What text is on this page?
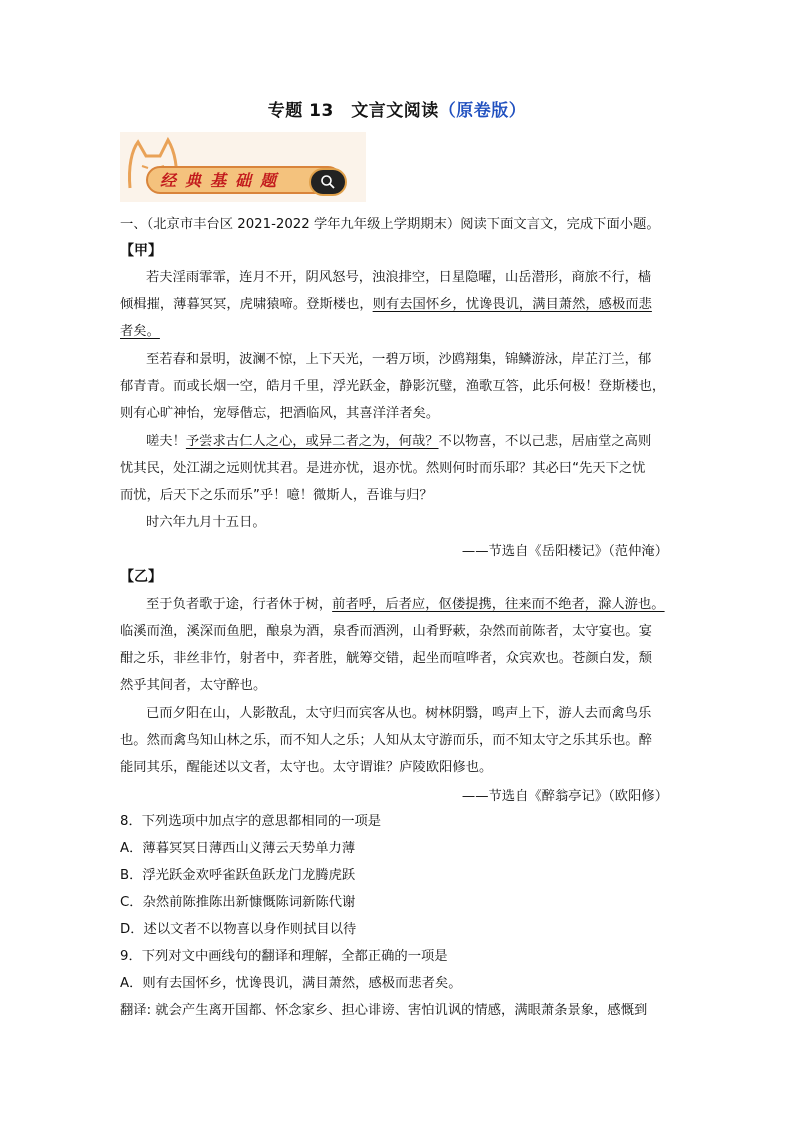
专题 13　文言文阅读（原卷版）
经典基础题
一、（北京市丰台区 2021-2022 学年九年级上学期期末）阅读下面文言文，完成下面小题。
【甲】
若夫淫雨霏霏，连月不开，阴风怒号，浊浪排空，日星隐曜，山岳潜形，商旅不行，樯
倾楫摧，薄暮冥冥，虎啸猿啼。登斯楼也，则有去国怀乡，忧谗畏讥，满目萧然，感极而悲
者矣。
至若春和景明，波澜不惊，上下天光，一碧万顷，沙鸥翔集，锦鳞游泳，岸芷汀兰，郁
郁青青。而或长烟一空，皓月千里，浮光跃金，静影沉璧，渔歌互答，此乐何极！登斯楼也，
则有心旷神怡，宠辱偕忘，把酒临风，其喜洋洋者矣。
嗟夫！予尝求古仁人之心，或异二者之为，何哉？不以物喜，不以己悲，居庙堂之高则
忧其民，处江湖之远则忧其君。是进亦忧，退亦忧。然则何时而乐耶？其必曰“先天下之忧
而忧，后天下之乐而乐”乎！噫！微斯人，吾谁与归？
时六年九月十五日。
——节选自《岳阳楼记》（范仲淹）
【乙】
至于负者歌于途，行者休于树，前者呼，后者应，伛偻提携，往来而不绝者，滁人游也。
临溪而渔，溪深而鱼肥，酿泉为酒，泉香而酒洌，山肴野蔌，杂然而前陈者，太守宴也。宴
酣之乐，非丝非竹，射者中，弈者胜，觥筹交错，起坐而喧哗者，众宾欢也。苍颜白发，颓
然乎其间者，太守醉也。
已而夕阳在山，人影散乱，太守归而宾客从也。树林阴翳，鸣声上下，游人去而禽鸟乐
也。然而禽鸟知山林之乐，而不知人之乐；人知从太守游而乐，而不知太守之乐其乐也。醉
能同其乐，醒能述以文者，太守也。太守谓谁？庐陵欧阳修也。
——节选自《醉翁亭记》（欧阳修）
8．下列选项中加点字的意思都相同的一项是
A．薄暮冥冥日薄西山义薄云天势单力薄
B．浮光跃金欢呼雀跃鱼跃龙门龙腾虎跃
C．杂然前陈推陈出新慷慨陈词新陈代谢
D．述以文者不以物喜以身作则拭目以待
9．下列对文中画线句的翻译和理解，全都正确的一项是
A．则有去国怀乡，忧谗畏讥，满目萧然，感极而悲者矣。
翻译: 就会产生离开国都、怀念家乡、担心诽谤、害怕讥讽的情感，满眼萧条景象，感慨到
